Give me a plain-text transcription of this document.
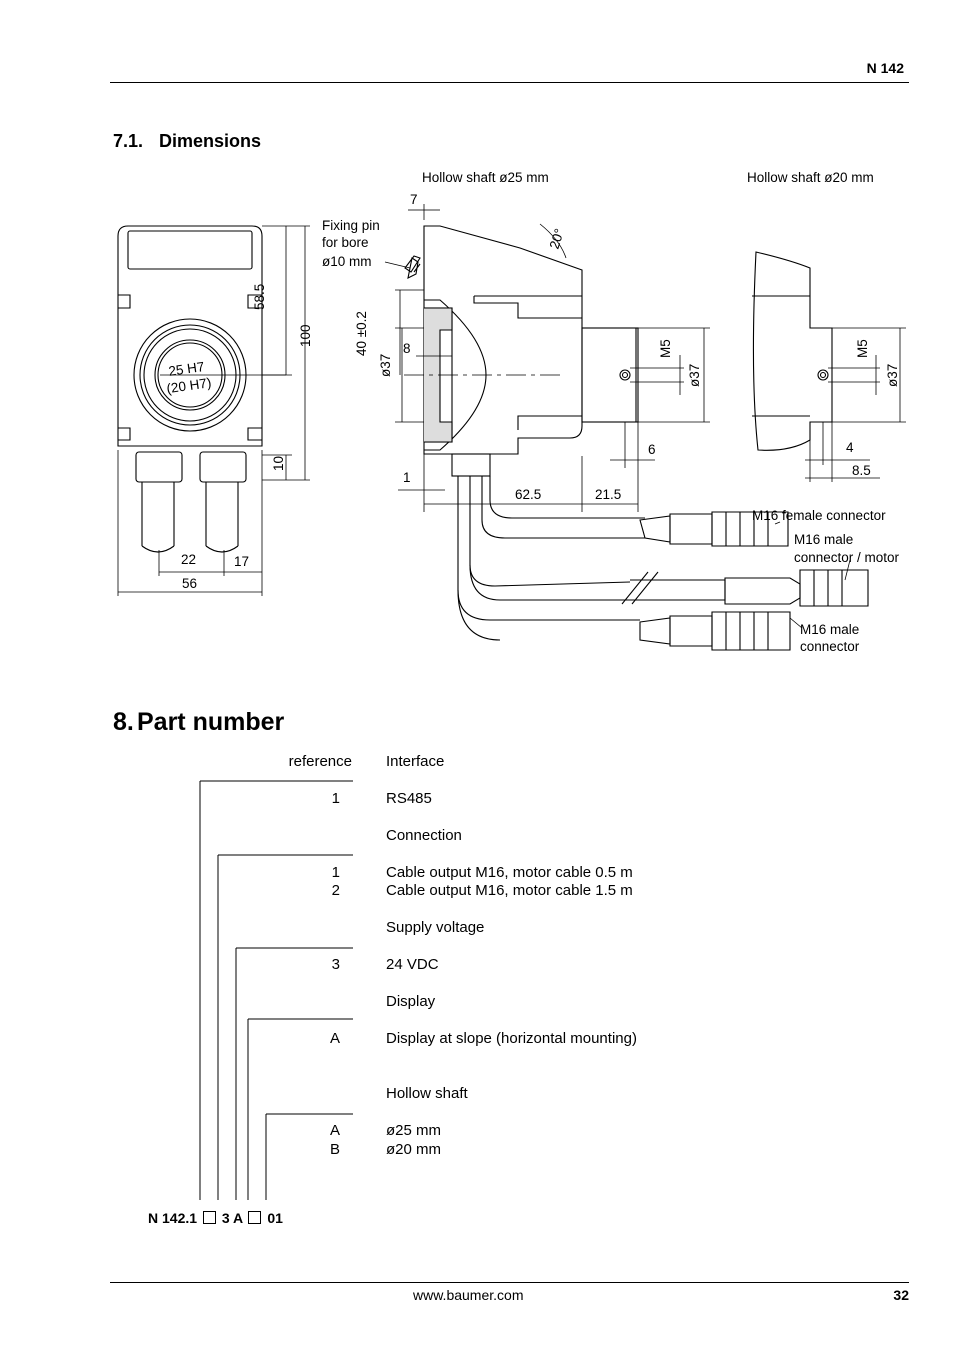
N 142
7.1. Dimensions
58.5
100
10
22	17
56
25 H7
(20 H7)
Hollow shaft ø25 mm	Hollow shaft ø20 mm
7
Fixing pin
for bore
ø10 mm
20°
40 ±0.2
ø37
8	M5
ø37
6
1
62.5	21.5
M5
ø37
4
8.5
M16 female connector
M16 male
connector / motor
M16 male
connector
8. Part number
reference Interface
1	RS485
Connection
1	Cable output M16, motor cable 0.5 m
2	Cable output M16, motor cable 1.5 m
Supply voltage
3	24 VDC
Display
A	Display at slope (horizontal mounting)
Hollow shaft
A	ø25 mm
B	ø20 mm
N 142.1 3 A 01
www.baumer.com	32
